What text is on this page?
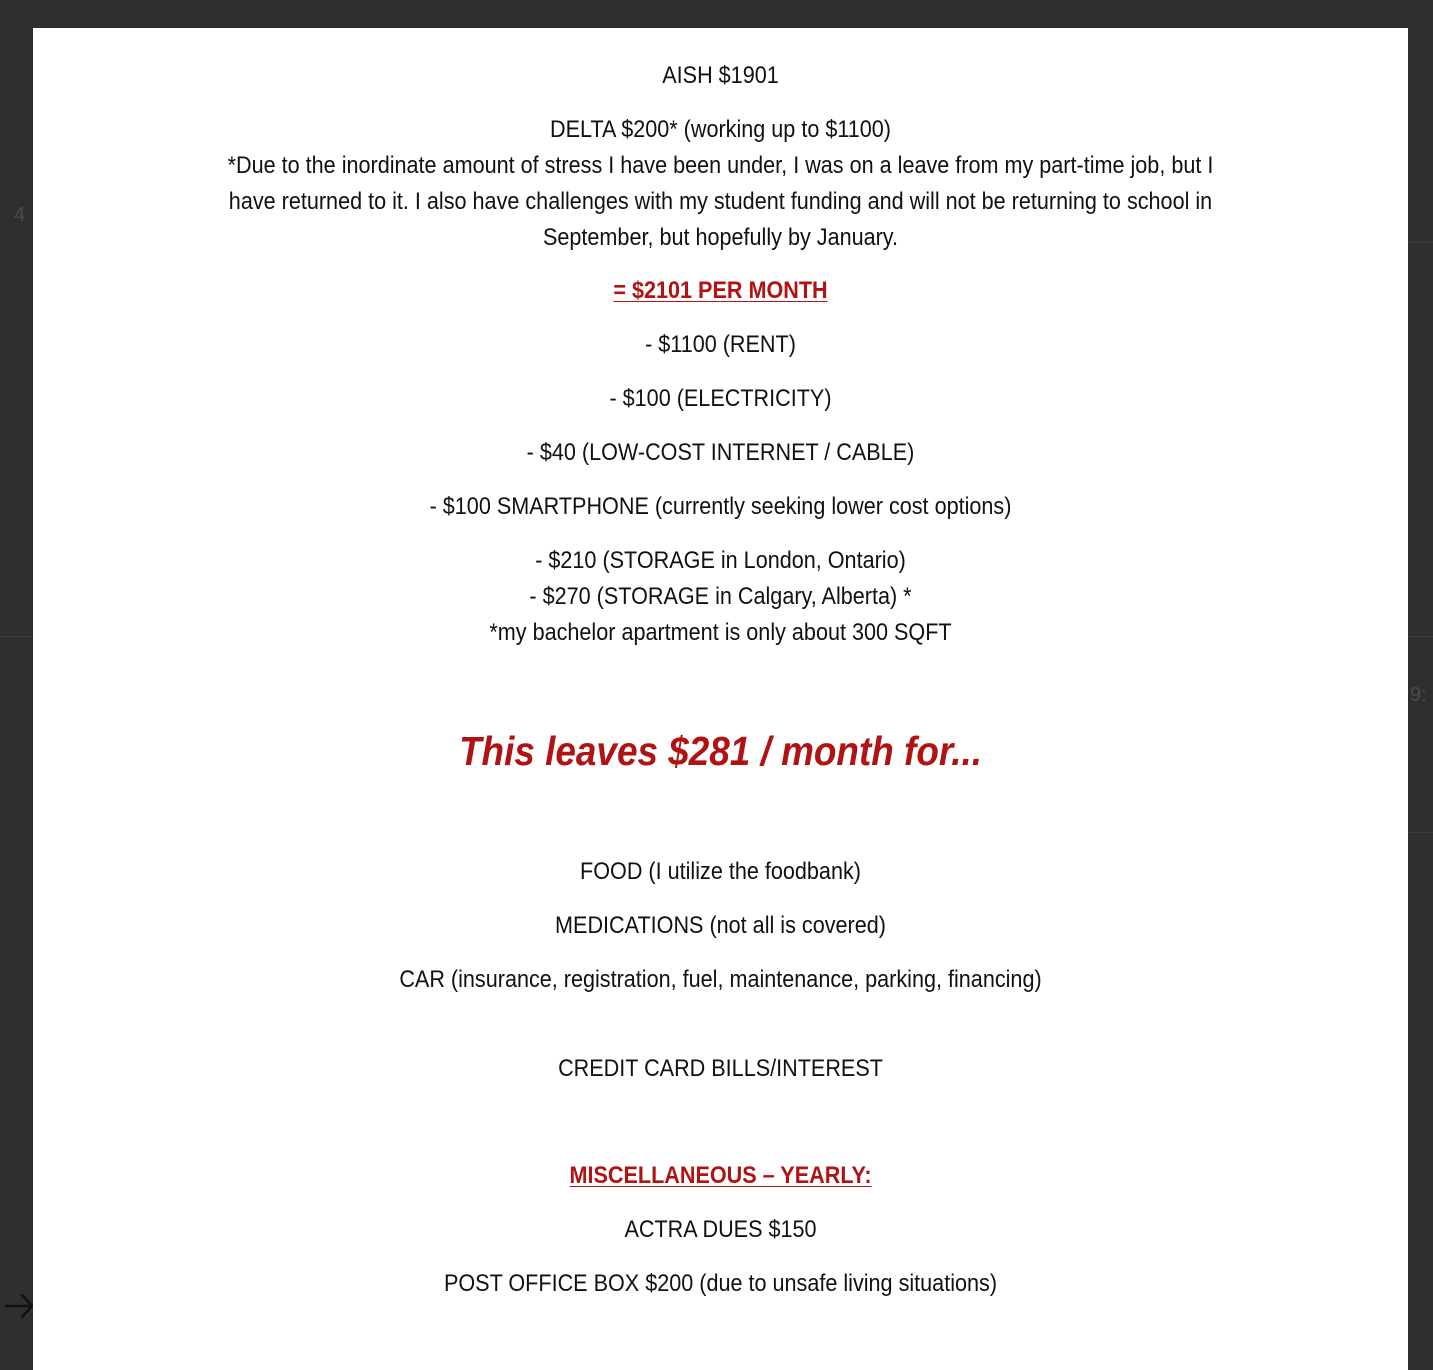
4
9:
AISH $1901
DELTA $200* (working up to $1100)
*Due to the inordinate amount of stress I have been under, I was on a leave from my part-time job, but I
have returned to it. I also have challenges with my student funding and will not be returning to school in
September, but hopefully by January.
= $2101 PER MONTH
- $1100 (RENT)
- $100 (ELECTRICITY)
- $40 (LOW-COST INTERNET / CABLE)
- $100 SMARTPHONE (currently seeking lower cost options)
- $210 (STORAGE in London, Ontario)
- $270 (STORAGE in Calgary, Alberta) *
*my bachelor apartment is only about 300 SQFT
This leaves $281 / month for...
FOOD (I utilize the foodbank)
MEDICATIONS (not all is covered)
CAR (insurance, registration, fuel, maintenance, parking, financing)
CREDIT CARD BILLS/INTEREST
MISCELLANEOUS – YEARLY:
ACTRA DUES $150
POST OFFICE BOX $200 (due to unsafe living situations)
